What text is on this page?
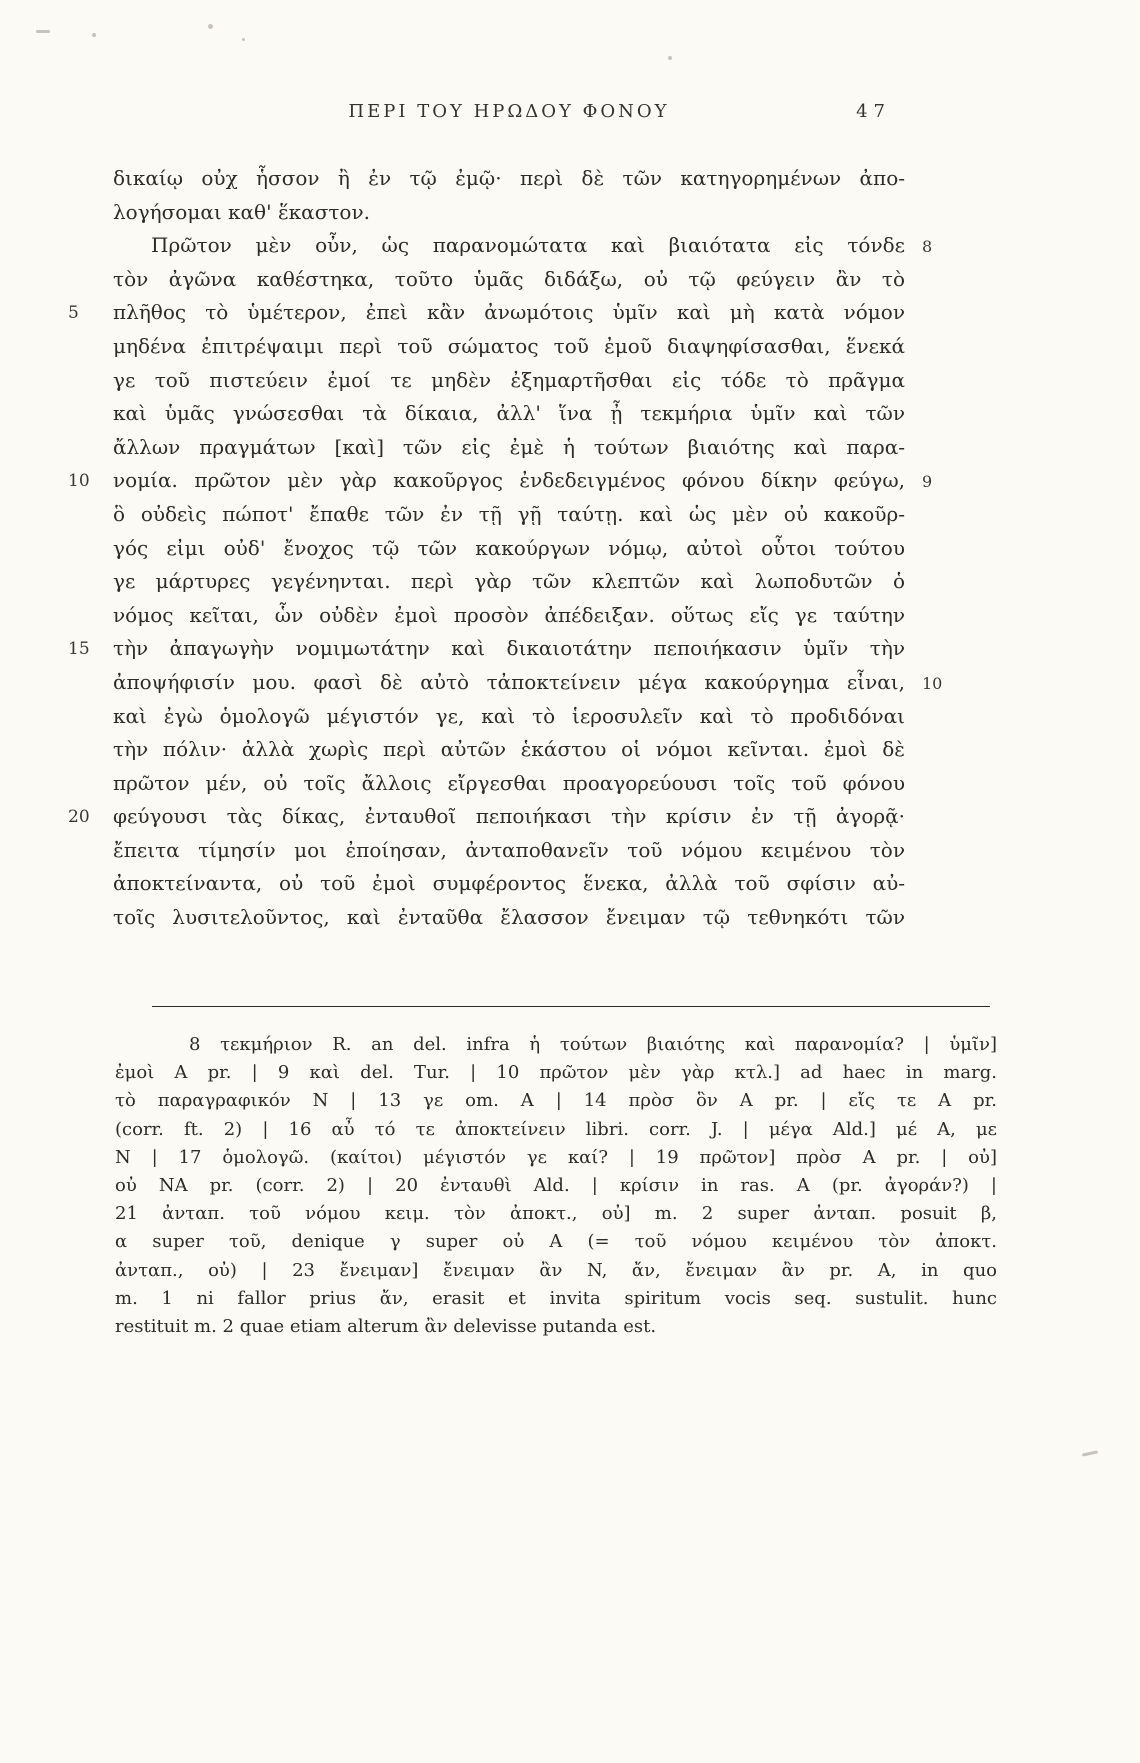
ΠΕΡΙ ΤΟΥ ΗΡΩΔΟΥ ΦΟΝΟΥ	47
δικαίῳ οὐχ ἧσσον ἢ ἐν τῷ ἐμῷ· περὶ δὲ τῶν κατηγορημένων ἀπο-
λογήσομαι καθ' ἕκαστον.
Πρῶτον μὲν οὖν, ὡς παρανομώτατα καὶ βιαιότατα εἰς τόνδε 8
τὸν ἀγῶνα καθέστηκα, τοῦτο ὑμᾶς διδάξω, οὐ τῷ φεύγειν ἂν τὸ
5	πλῆθος τὸ ὑμέτερον, ἐπεὶ κἂν ἀνωμότοις ὑμῖν καὶ μὴ κατὰ νόμον
μηδένα ἐπιτρέψαιμι περὶ τοῦ σώματος τοῦ ἐμοῦ διαψηφίσασθαι, ἕνεκά
γε τοῦ πιστεύειν ἐμοί τε μηδὲν ἐξημαρτῆσθαι εἰς τόδε τὸ πρᾶγμα
καὶ ὑμᾶς γνώσεσθαι τὰ δίκαια, ἀλλ' ἵνα ᾖ τεκμήρια ὑμῖν καὶ τῶν
ἄλλων πραγμάτων [καὶ] τῶν εἰς ἐμὲ ἡ τούτων βιαιότης καὶ παρα-
10	νομία. πρῶτον μὲν γὰρ κακοῦργος ἐνδεδειγμένος φόνου δίκην φεύγω, 9
ὃ οὐδεὶς πώποτ' ἔπαθε τῶν ἐν τῇ γῇ ταύτῃ. καὶ ὡς μὲν οὐ κακοῦρ-
γός εἰμι οὐδ' ἔνοχος τῷ τῶν κακούργων νόμῳ, αὐτοὶ οὗτοι τούτου
γε μάρτυρες γεγένηνται. περὶ γὰρ τῶν κλεπτῶν καὶ λωποδυτῶν ὁ
νόμος κεῖται, ὧν οὐδὲν ἐμοὶ προσὸν ἀπέδειξαν. οὕτως εἴς γε ταύτην
15	τὴν ἀπαγωγὴν νομιμωτάτην καὶ δικαιοτάτην πεποιήκασιν ὑμῖν τὴν
ἀποψήφισίν μου. φασὶ δὲ αὐτὸ τἀποκτείνειν μέγα κακούργημα εἶναι, 10
καὶ ἐγὼ ὁμολογῶ μέγιστόν γε, καὶ τὸ ἱεροσυλεῖν καὶ τὸ προδιδόναι
τὴν πόλιν· ἀλλὰ χωρὶς περὶ αὐτῶν ἑκάστου οἱ νόμοι κεῖνται. ἐμοὶ δὲ
πρῶτον μέν, οὐ τοῖς ἄλλοις εἴργεσθαι προαγορεύουσι τοῖς τοῦ φόνου
20	φεύγουσι τὰς δίκας, ἐνταυθοῖ πεποιήκασι τὴν κρίσιν ἐν τῇ ἀγορᾷ·
ἔπειτα τίμησίν μοι ἐποίησαν, ἀνταποθανεῖν τοῦ νόμου κειμένου τὸν
ἀποκτείναντα, οὐ τοῦ ἐμοὶ συμφέροντος ἕνεκα, ἀλλὰ τοῦ σφίσιν αὐ-
τοῖς λυσιτελοῦντος, καὶ ἐνταῦθα ἔλασσον ἔνειμαν τῷ τεθνηκότι τῶν
8 τεκμήριον R. an del. infra ἡ τούτων βιαιότης καὶ παρανομία? | ὑμῖν]
ἐμοὶ A pr. | 9 καὶ del. Tur. | 10 πρῶτον μὲν γὰρ κτλ.] ad haec in marg.
τὸ παραγραφικόν N | 13 γε om. A | 14 πρὸσ ὃν A pr. | εἴς τε A pr.
(corr. ft. 2) | 16 αὖ τό τε ἀποκτείνειν libri. corr. J. | μέγα Ald.] μέ A, με
N | 17 ὁμολογῶ. (καίτοι) μέγιστόν γε καί? | 19 πρῶτον] πρὸσ A pr. | οὐ]
οὐ NA pr. (corr. 2) | 20 ἐνταυθὶ Ald. | κρίσιν in ras. A (pr. ἀγοράν?) |
21 ἀνταπ. τοῦ νόμου κειμ. τὸν ἀποκτ., οὐ] m. 2 super ἀνταπ. posuit β,
α super τοῦ, denique γ super οὐ A (= τοῦ νόμου κειμένου τὸν ἀποκτ.
ἀνταπ., οὐ) | 23 ἔνειμαν] ἔνειμαν ἂν N, ἄν, ἔνειμαν ἂν pr. A, in quo
m. 1 ni fallor prius ἄν, erasit et invita spiritum vocis seq. sustulit. hunc
restituit m. 2 quae etiam alterum ἂν delevisse putanda est.
